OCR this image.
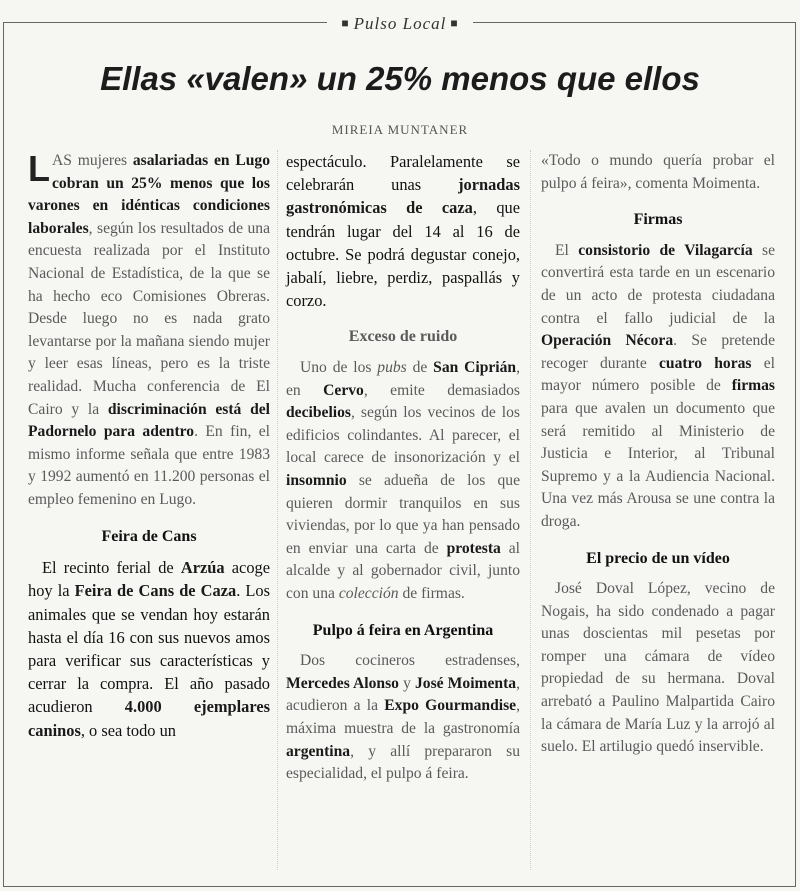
■ Pulso Local ■
Ellas «valen» un 25% menos que ellos

MIREIA MUNTANER

LAS mujeres asalariadas en Lugo cobran un 25% menos que los varones en idénticas condiciones laborales, según los resultados de una encuesta realizada por el Instituto Nacional de Estadística, de la que se ha hecho eco Comisiones Obreras. Desde luego no es nada grato levantarse por la mañana siendo mujer y leer esas líneas, pero es la triste realidad. Mucha conferencia de El Cairo y la discriminación está del Padornelo para adentro. En fin, el mismo informe señala que entre 1983 y 1992 aumentó en 11.200 personas el empleo femenino en Lugo.

Feira de Cans

El recinto ferial de Arzúa acoge hoy la Feira de Cans de Caza. Los animales que se vendan hoy estarán hasta el día 16 con sus nuevos amos para verificar sus características y cerrar la compra. El año pasado acudieron 4.000 ejemplares caninos, o sea todo un

espectáculo. Paralelamente se celebrarán unas jornadas gastronómicas de caza, que tendrán lugar del 14 al 16 de octubre. Se podrá degustar conejo, jabalí, liebre, perdiz, paspallás y corzo.

Exceso de ruido

Uno de los pubs de San Ciprián, en Cervo, emite demasiados decibelios, según los vecinos de los edificios colindantes. Al parecer, el local carece de insonorización y el insomnio se adueña de los que quieren dormir tranquilos en sus viviendas, por lo que ya han pensado en enviar una carta de protesta al alcalde y al gobernador civil, junto con una colección de firmas.

Pulpo á feira en Argentina

Dos cocineros estradenses, Mercedes Alonso y José Moimenta, acudieron a la Expo Gourmandise, máxima muestra de la gastronomía argentina, y allí prepararon su especialidad, el pulpo á feira.

«Todo o mundo quería probar el pulpo á feira», comenta Moimenta.

Firmas

El consistorio de Vilagarcía se convertirá esta tarde en un escenario de un acto de protesta ciudadana contra el fallo judicial de la Operación Nécora. Se pretende recoger durante cuatro horas el mayor número posible de firmas para que avalen un documento que será remitido al Ministerio de Justicia e Interior, al Tribunal Supremo y a la Audiencia Nacional. Una vez más Arousa se une contra la droga.

El precio de un vídeo

José Doval López, vecino de Nogais, ha sido condenado a pagar unas doscientas mil pesetas por romper una cámara de vídeo propiedad de su hermana. Doval arrebató a Paulino Malpartida Cairo la cámara de María Luz y la arrojó al suelo. El artilugio quedó inservible.
